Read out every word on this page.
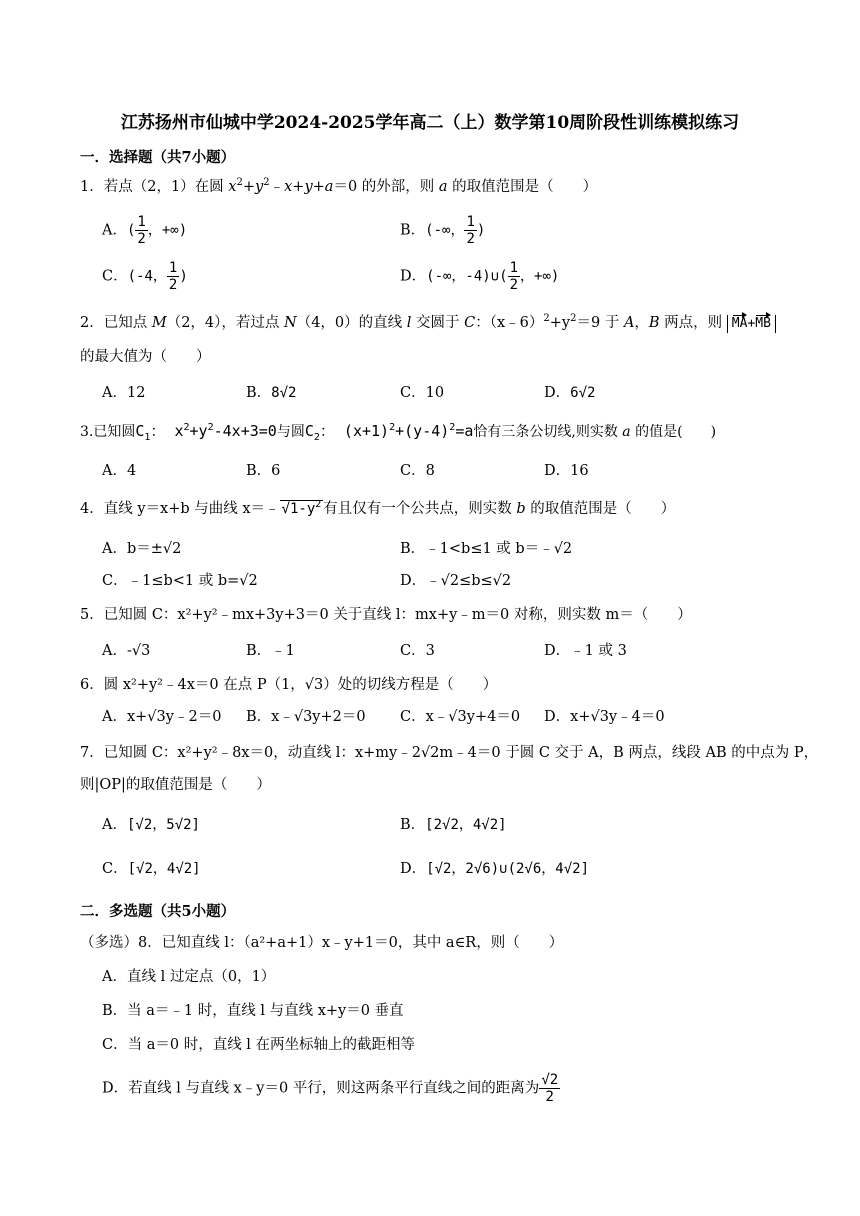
江苏扬州市仙城中学2024-2025学年高二（上）数学第10周阶段性训练模拟练习
一．选择题（共7小题）
1．若点（2，1）在圆 $x^2+y^2﹣x+y+a=0$ 的外部，则 a 的取值范围是（　　）
A．( $\frac{1}{2}$ ，+∞)	B．(-∞， $\frac{1}{2}$ )
C．(-4， $\frac{1}{2}$ )	D．(-∞，-4)∪( $\frac{1}{2}$ ，+∞)
2．已知点 M（2，4），若过点 N（4，0）的直线 l 交圆于 C：$(x﹣6)^2+y^2=9$ 于 A，B 两点，则 MA+MB
的最大值为（　　）
A．12	B．8√2	C．10	D．6√2
3.已知圆$C_1$： $x^2+y^2-4x+3=0$与圆$C_2$： $(x+1)^2+(y-4)^2=a$恰有三条公切线,则实数 a 的值是(　　)
A．4	B．6	C．8	D．16
4．直线 y＝x+b 与曲线 x＝﹣ $√1-y^2$ 有且仅有一个公共点，则实数 b 的取值范围是（　　）
A．b＝±√2	B．﹣1<b≤1 或 b＝﹣√2
C．﹣1≤b<1 或 b=√2	D．﹣√2≤b≤√2
5．已知圆 C：x²+y²﹣mx+3y+3＝0 关于直线 l：mx+y﹣m＝0 对称，则实数 m＝（　　）
A．-√3	B．﹣1	C．3	D．﹣1 或 3
6．圆 x²+y²﹣4x＝0 在点 P（1，√3）处的切线方程是（　　）
A．x+√3y﹣2＝0 B．x﹣√3y+2＝0 C．x﹣√3y+4＝0 D．x+√3y﹣4＝0
7．已知圆 C：x²+y²﹣8x＝0，动直线 l：x+my﹣2√2m﹣4＝0 于圆 C 交于 A，B 两点，线段 AB 的中点为 P，
则|OP|的取值范围是（　　）
A．[√2，5√2]	B．[2√2，4√2]
C．[√2，4√2]	D．[√2，2√6)∪(2√6，4√2]
二．多选题（共5小题）
（多选）8．已知直线 l：（a²+a+1）x﹣y+1＝0，其中 a∈R，则（　　）
A．直线 l 过定点（0，1）
B．当 a＝﹣1 时，直线 l 与直线 x+y＝0 垂直
C．当 a＝0 时，直线 l 在两坐标轴上的截距相等
D．若直线 l 与直线 x﹣y＝0 平行，则这两条平行直线之间的距离为 $\frac{√2}{2}$
